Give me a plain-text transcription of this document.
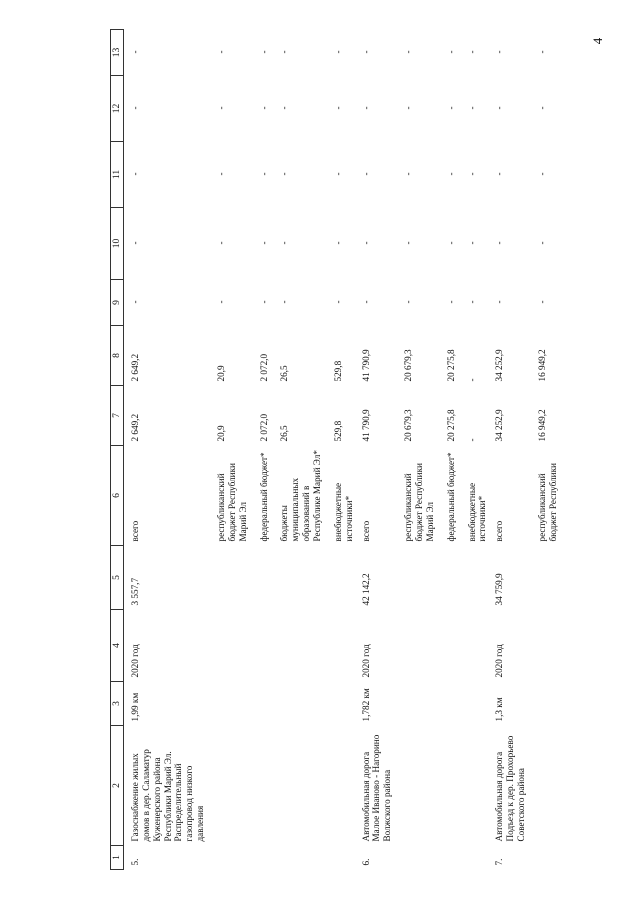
4
1	2	3	4	5	6	7	8	9	10	11	12	13
5.	Газоснабжение жилых домов в дер. Саламатур Куженерского района Республики Марий Эл. Распределительный газопровод низкого давления	1,99 км	2020 год	3 557,7	всего	2 649,2	2 649,2	-	-	-	-	-
					республиканский бюджет Республики Марий Эл	20,9	20,9	-	-	-	-	-
					федеральный бюджет*	2 072,0	2 072,0	-	-	-	-	-
					бюджеты муниципальных образований в Республике Марий Эл*	26,5	26,5	-	-	-	-	-
					внебюджетные источники*	529,8	529,8	-	-	-	-	-
6.	Автомобильная дорога Малое Иваново - Нагорино Волжского района	1,782 км	2020 год	42 142,2	всего	41 790,9	41 790,9	-	-	-	-	-
					республиканский бюджет Республики Марий Эл	20 679,3	20 679,3	-	-	-	-	-
					федеральный бюджет*	20 275,8	20 275,8	-	-	-	-	-
					внебюджетные источники*	-	-	-	-	-	-	-
7.	Автомобильная дорога Подъезд к дер. Прохорьево Советского района	1,3 км	2020 год	34 759,9	всего	34 252,9	34 252,9	-	-	-	-	-
					республиканский бюджет Республики	16 949,2	16 949,2	-	-	-	-	-
